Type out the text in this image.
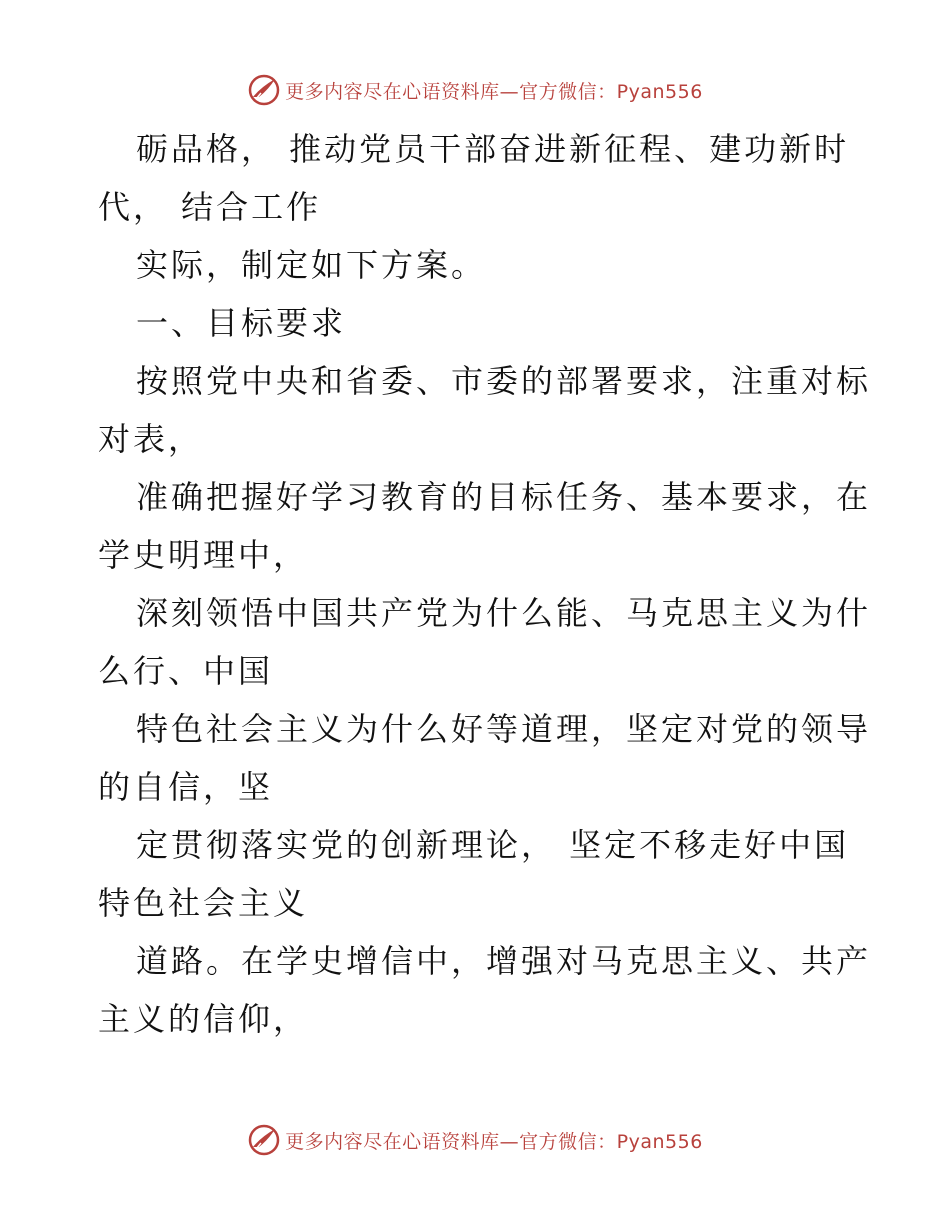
更多内容尽在心语资料库—官方微信：Pyan556
砺品格， 推动党员干部奋进新征程、建功新时
代， 结合工作
实际，制定如下方案。
一、目标要求
按照党中央和省委、市委的部署要求，注重对标
对表，
准确把握好学习教育的目标任务、基本要求，在
学史明理中，
深刻领悟中国共产党为什么能、马克思主义为什
么行、中国
特色社会主义为什么好等道理，坚定对党的领导
的自信，坚
定贯彻落实党的创新理论， 坚定不移走好中国
特色社会主义
道路。在学史增信中，增强对马克思主义、共产
主义的信仰，
更多内容尽在心语资料库—官方微信：Pyan556
